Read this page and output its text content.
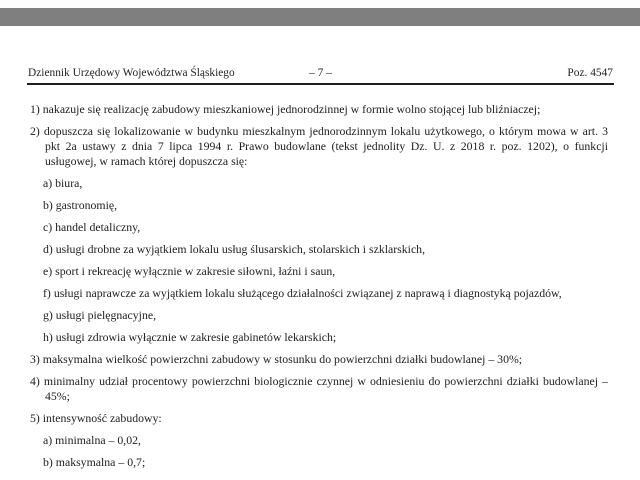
Dziennik Urzędowy Województwa Śląskiego	– 7 –	Poz. 4547

1) nakazuje się realizację zabudowy mieszkaniowej jednorodzinnej w formie wolno stojącej lub bliźniaczej;

2) dopuszcza się lokalizowanie w budynku mieszkalnym jednorodzinnym lokalu użytkowego, o którym mowa w art. 3 pkt 2a ustawy z dnia 7 lipca 1994 r. Prawo budowlane (tekst jednolity Dz. U. z 2018 r. poz. 1202), o funkcji usługowej, w ramach której dopuszcza się:

a) biura,

b) gastronomię,

c) handel detaliczny,

d) usługi drobne za wyjątkiem lokalu usług ślusarskich, stolarskich i szklarskich,

e) sport i rekreację wyłącznie w zakresie siłowni, łaźni i saun,

f) usługi naprawcze za wyjątkiem lokalu służącego działalności związanej z naprawą i diagnostyką pojazdów,

g) usługi pielęgnacyjne,

h) usługi zdrowia wyłącznie w zakresie gabinetów lekarskich;

3) maksymalna wielkość powierzchni zabudowy w stosunku do powierzchni działki budowlanej – 30%;

4) minimalny udział procentowy powierzchni biologicznie czynnej w odniesieniu do powierzchni działki budowlanej – 45%;

5) intensywność zabudowy:

a) minimalna – 0,02,

b) maksymalna – 0,7;
